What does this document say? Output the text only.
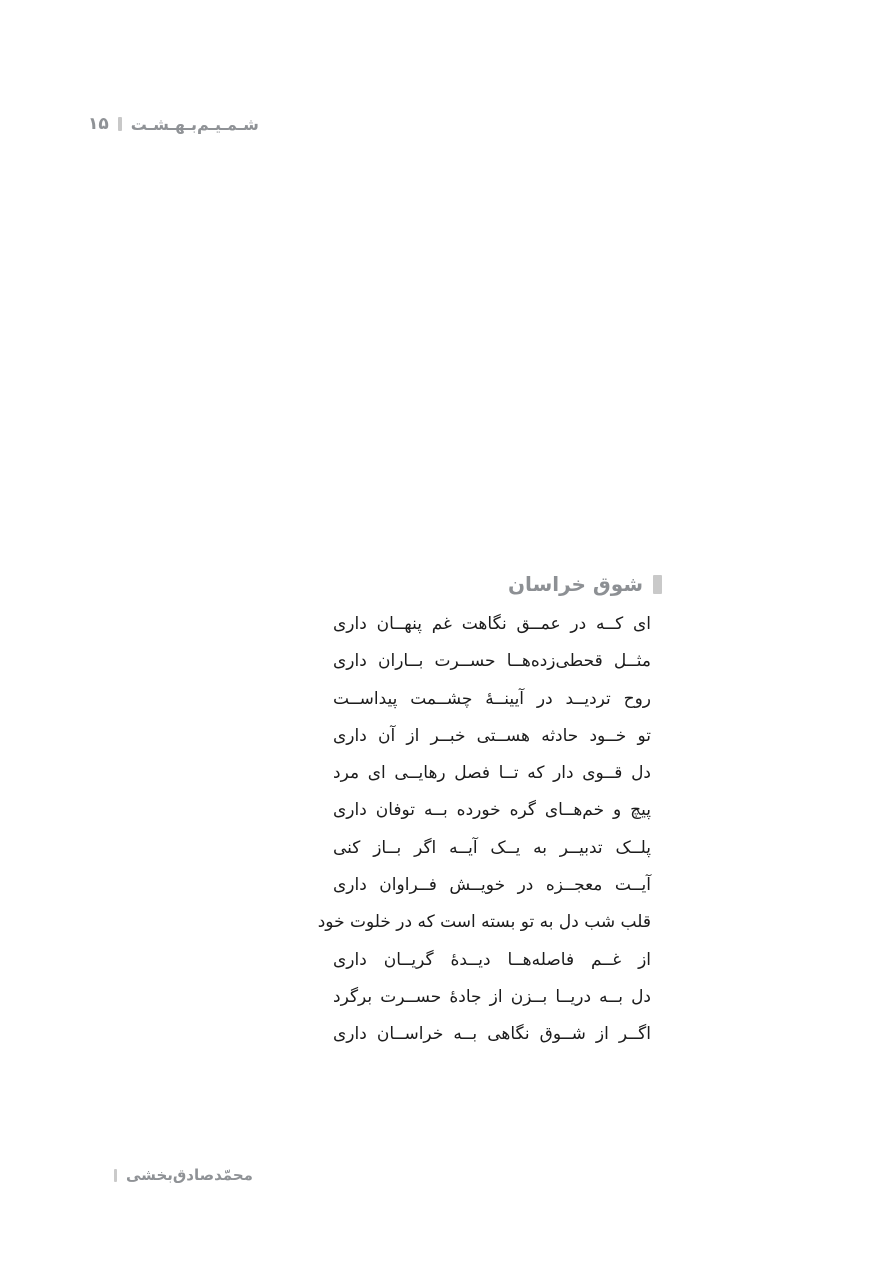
شـمـیـم‌بـهـشـت
۱۵
شوق خراسان
ای کــه در عمــق نگاهت غم پنهــان داری
مثــل قحطی‌زده‌هــا حســرت بــاران داری
روح تردیــد در آیینــهٔ چشــمت پیداســت
تو خــود حادثه هســتی خبــر از آن داری
دل قــوی دار که تــا فصل رهایــی ای مرد
پیچ و خم‌هــای گره خورده بــه توفان داری
پلــک تدبیــر به یــک آیــه اگر بــاز کنی
آیــت معجــزه در خویــش فــراوان داری
قلب شب دل به تو بسته است که در خلوت خود
از غــم فاصله‌هــا دیــدهٔ گریــان داری
دل بــه دریــا بــزن از جادهٔ حســرت برگرد
اگــر از شــوق نگاهی بــه خراســان داری
محمّدصادق‌بخشی
